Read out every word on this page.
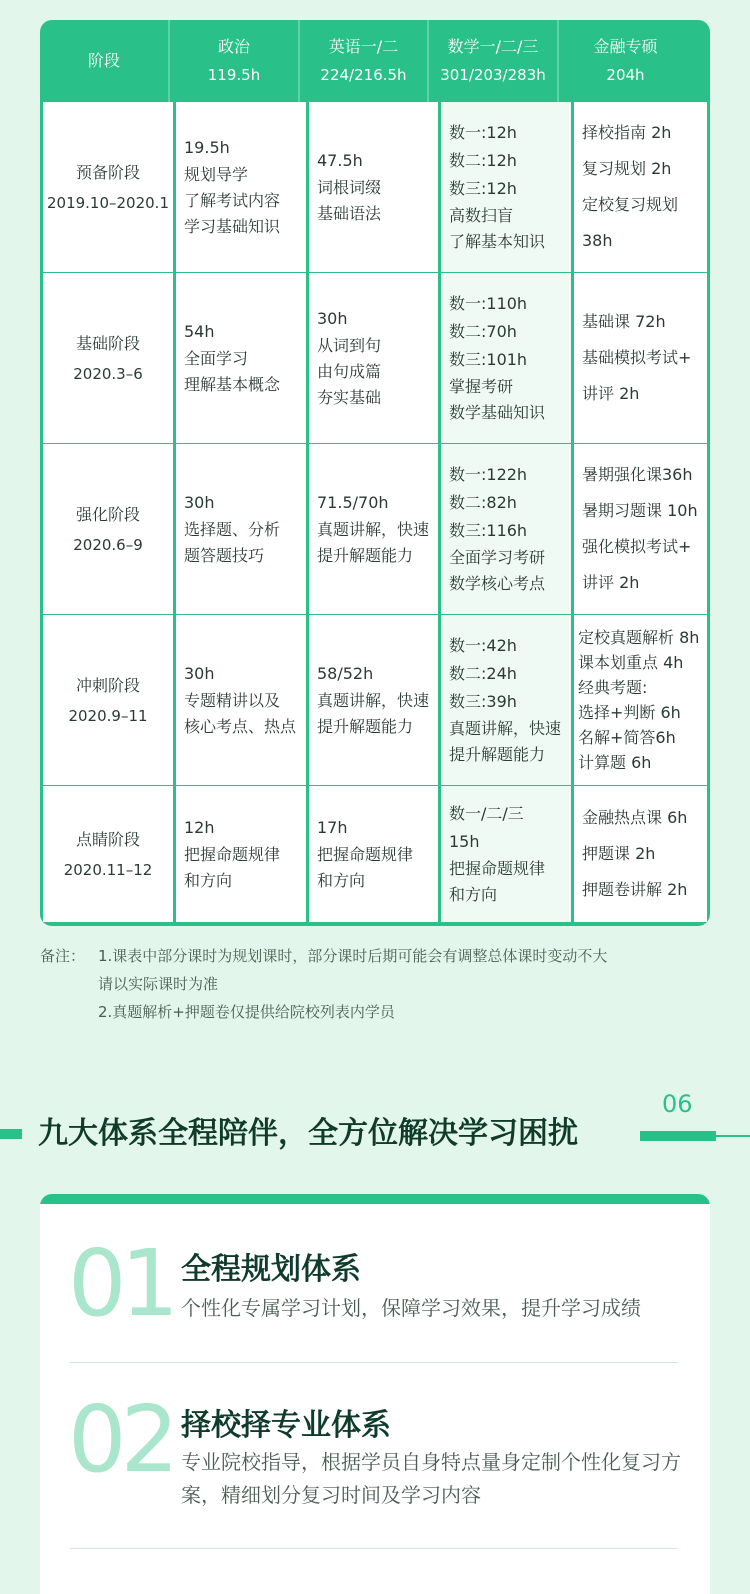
阶段
政治
119.5h
英语一/二
224/216.5h
数学一/二/三
301/203/283h
金融专硕
204h
预备阶段
2019.10–2020.1
19.5h
规划导学
了解考试内容
学习基础知识
47.5h
词根词缀
基础语法
数一:12h
数二:12h
数三:12h
高数扫盲
了解基本知识
择校指南 2h
复习规划 2h
定校复习规划
38h
基础阶段
2020.3–6
54h
全面学习
理解基本概念
30h
从词到句
由句成篇
夯实基础
数一:110h
数二:70h
数三:101h
掌握考研
数学基础知识
基础课 72h
基础模拟考试+
讲评 2h
强化阶段
2020.6–9
30h
选择题、分析
题答题技巧
71.5/70h
真题讲解，快速
提升解题能力
数一:122h
数二:82h
数三:116h
全面学习考研
数学核心考点
暑期强化课36h
暑期习题课 10h
强化模拟考试+
讲评 2h
冲刺阶段
2020.9–11
30h
专题精讲以及
核心考点、热点
58/52h
真题讲解，快速
提升解题能力
数一:42h
数二:24h
数三:39h
真题讲解，快速
提升解题能力
定校真题解析 8h
课本划重点 4h
经典考题:
选择+判断 6h
名解+简答6h
计算题 6h
点睛阶段
2020.11–12
12h
把握命题规律
和方向
17h
把握命题规律
和方向
数一/二/三
15h
把握命题规律
和方向
金融热点课 6h
押题课 2h
押题卷讲解 2h
备注： 1.课表中部分课时为规划课时，部分课时后期可能会有调整总体课时变动不大
请以实际课时为准
2.真题解析+押题卷仅提供给院校列表内学员
九大体系全程陪伴，全方位解决学习困扰
06
01 全程规划体系
个性化专属学习计划，保障学习效果，提升学习成绩
02 择校择专业体系
专业院校指导，根据学员自身特点量身定制个性化复习方案，精细划分复习时间及学习内容
